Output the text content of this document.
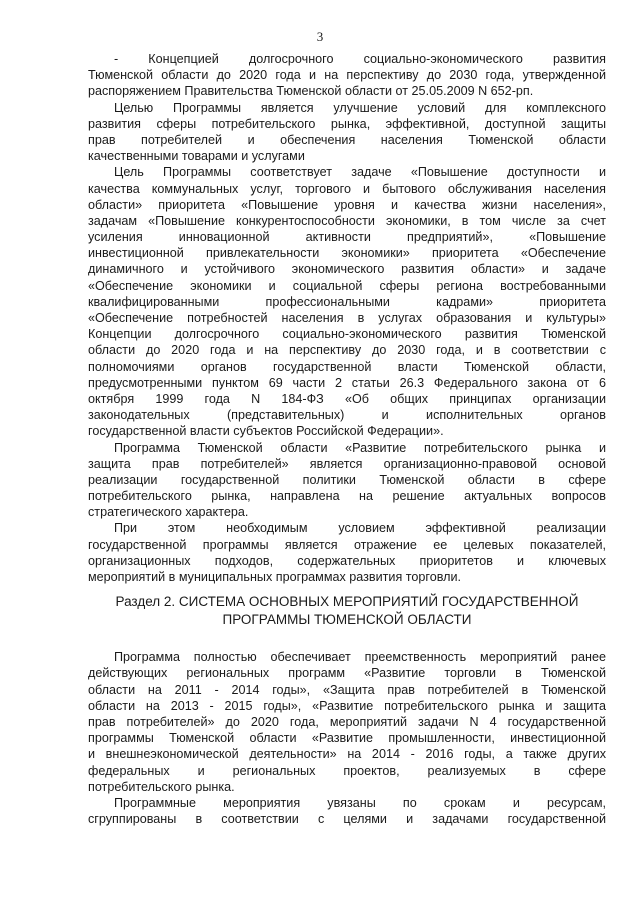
3
- Концепцией долгосрочного социально-экономического развития
Тюменской области до 2020 года и на перспективу до 2030 года, утвержденной
распоряжением Правительства Тюменской области от 25.05.2009 N 652-рп.
Целью Программы является улучшение условий для комплексного
развития сферы потребительского рынка, эффективной, доступной защиты
прав потребителей и обеспечения населения Тюменской области
качественными товарами и услугами
Цель Программы соответствует задаче «Повышение доступности и
качества коммунальных услуг, торгового и бытового обслуживания населения
области» приоритета «Повышение уровня и качества жизни населения»,
задачам «Повышение конкурентоспособности экономики, в том числе за счет
усиления инновационной активности предприятий», «Повышение
инвестиционной привлекательности экономики» приоритета «Обеспечение
динамичного и устойчивого экономического развития области» и задаче
«Обеспечение экономики и социальной сферы региона востребованными
квалифицированными профессиональными кадрами» приоритета
«Обеспечение потребностей населения в услугах образования и культуры»
Концепции долгосрочного социально-экономического развития Тюменской
области до 2020 года и на перспективу до 2030 года, и в соответствии с
полномочиями органов государственной власти Тюменской области,
предусмотренными пунктом 69 части 2 статьи 26.3 Федерального закона от 6
октября 1999 года N 184-ФЗ «Об общих принципах организации
законодательных (представительных) и исполнительных органов
государственной власти субъектов Российской Федерации».
Программа Тюменской области «Развитие потребительского рынка и
защита прав потребителей» является организационно-правовой основой
реализации государственной политики Тюменской области в сфере
потребительского рынка, направлена на решение актуальных вопросов
стратегического характера.
При этом необходимым условием эффективной реализации
государственной программы является отражение ее целевых показателей,
организационных подходов, содержательных приоритетов и ключевых
мероприятий в муниципальных программах развития торговли.
Раздел 2. СИСТЕМА ОСНОВНЫХ МЕРОПРИЯТИЙ ГОСУДАРСТВЕННОЙ
ПРОГРАММЫ ТЮМЕНСКОЙ ОБЛАСТИ
Программа полностью обеспечивает преемственность мероприятий ранее
действующих региональных программ «Развитие торговли в Тюменской
области на 2011 - 2014 годы», «Защита прав потребителей в Тюменской
области на 2013 - 2015 годы», «Развитие потребительского рынка и защита
прав потребителей» до 2020 года, мероприятий задачи N 4 государственной
программы Тюменской области «Развитие промышленности, инвестиционной
и внешнеэкономической деятельности» на 2014 - 2016 годы, а также других
федеральных и региональных проектов, реализуемых в сфере
потребительского рынка.
Программные мероприятия увязаны по срокам и ресурсам,
сгруппированы в соответствии с целями и задачами государственной
